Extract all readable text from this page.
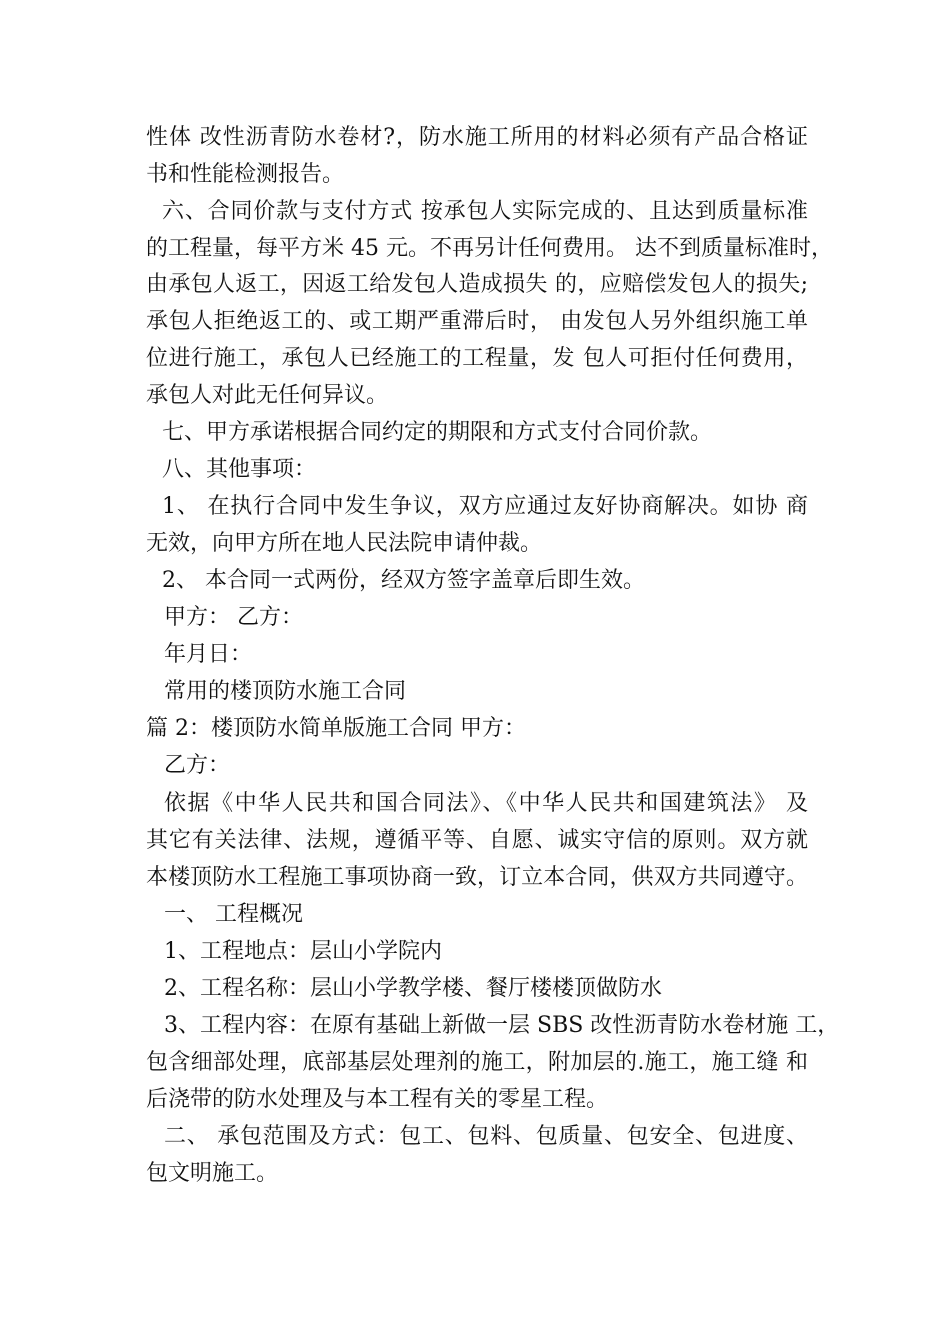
性体 改性沥青防水卷材?，防水施工所用的材料必须有产品合格证
书和性能检测报告。
六、合同价款与支付方式 按承包人实际完成的、且达到质量标准
的工程量，每平方米 45 元。不再另计任何费用。 达不到质量标准时，
由承包人返工，因返工给发包人造成损失 的，应赔偿发包人的损失;
承包人拒绝返工的、或工期严重滞后时， 由发包人另外组织施工单
位进行施工，承包人已经施工的工程量，发 包人可拒付任何费用，
承包人对此无任何异议。
七、甲方承诺根据合同约定的期限和方式支付合同价款。
八、其他事项：
1、 在执行合同中发生争议，双方应通过友好协商解决。如协 商
无效，向甲方所在地人民法院申请仲裁。
2、 本合同一式两份，经双方签字盖章后即生效。
甲方： 乙方：
年月日：
常用的楼顶防水施工合同
篇 2：楼顶防水简单版施工合同 甲方：
乙方：
依据《中华人民共和国合同法》、《中华人民共和国建筑法》 及
其它有关法律、法规，遵循平等、自愿、诚实守信的原则。双方就
本楼顶防水工程施工事项协商一致，订立本合同，供双方共同遵守。
一、 工程概况
1、工程地点：层山小学院内
2、工程名称：层山小学教学楼、餐厅楼楼顶做防水
3、工程内容：在原有基础上新做一层 SBS 改性沥青防水卷材施 工，
包含细部处理，底部基层处理剂的施工，附加层的.施工，施工缝 和
后浇带的防水处理及与本工程有关的零星工程。
二、 承包范围及方式：包工、包料、包质量、包安全、包进度、
包文明施工。
